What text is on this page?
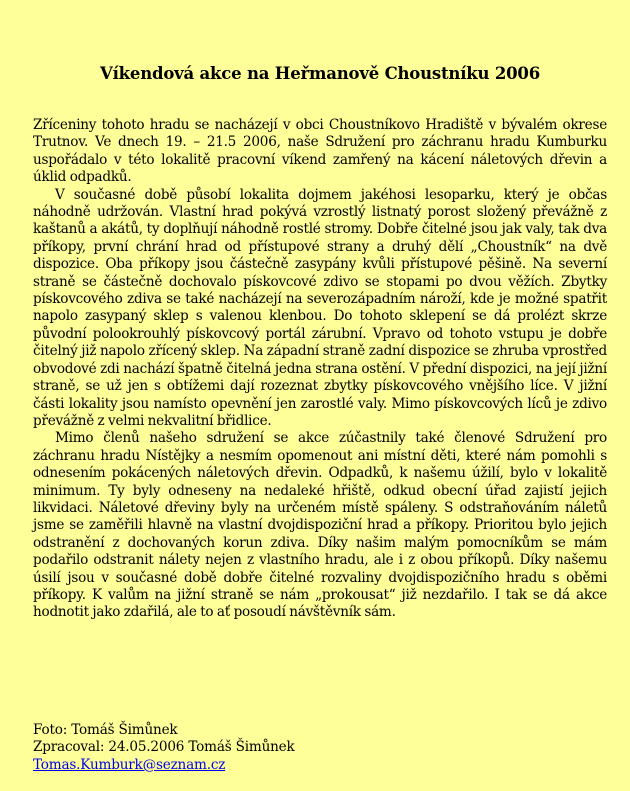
Víkendová akce na Heřmanově Choustníku 2006

Zříceniny tohoto hradu se nacházejí v obci Choustníkovo Hradiště v bývalém okrese Trutnov. Ve dnech 19. – 21.5 2006, naše Sdružení pro záchranu hradu Kumburku uspořádalo v této lokalitě pracovní víkend zamřený na kácení náletových dřevin a úklid odpadků.

V současné době působí lokalita dojmem jakéhosi lesoparku, který je občas náhodně udržován. Vlastní hrad pokývá vzrostlý listnatý porost složený převážně z kaštanů a akátů, ty doplňují náhodně rostlé stromy. Dobře čitelné jsou jak valy, tak dva příkopy, první chrání hrad od přístupové strany a druhý dělí „Choustník“ na dvě dispozice. Oba příkopy jsou částečně zasypány kvůli přístupové pěšině. Na severní straně se částečně dochovalo pískovcové zdivo se stopami po dvou věžích. Zbytky pískovcového zdiva se také nacházejí na severozápadním nároží, kde je možné spatřit napolo zasypaný sklep s valenou klenbou. Do tohoto sklepení se dá prolézt skrze původní polookrouhlý pískovcový portál zárubní. Vpravo od tohoto vstupu je dobře čitelný již napolo zřícený sklep. Na západní straně zadní dispozice se zhruba vprostřed obvodové zdi nachází špatně čitelná jedna strana ostění. V přední dispozici, na její jižní straně, se už jen s obtížemi dají rozeznat zbytky pískovcového vnějšího líce. V jižní části lokality jsou namísto opevnění jen zarostlé valy. Mimo pískovcových líců je zdivo převážně z velmi nekvalitní břidlice.

Mimo členů našeho sdružení se akce zúčastnily také členové Sdružení pro záchranu hradu Nístějky a nesmím opomenout ani místní děti, které nám pomohli s odnesením pokácených náletových dřevin. Odpadků, k našemu úžilí, bylo v lokalitě minimum. Ty byly odneseny na nedaleké hřiště, odkud obecní úřad zajistí jejich likvidaci. Náletové dřeviny byly na určeném místě spáleny. S odstraňováním náletů jsme se zaměřili hlavně na vlastní dvojdispoziční hrad a příkopy. Prioritou bylo jejich odstranění z dochovaných korun zdiva. Díky našim malým pomocníkům se mám podařilo odstranit nálety nejen z vlastního hradu, ale i z obou příkopů. Díky našemu úsilí jsou v současné době dobře čitelné rozvaliny dvojdispozičního hradu s oběmi příkopy. K valům na jižní straně se nám „prokousat“ již nezdařilo. I tak se dá akce hodnotit jako zdařilá, ale to ať posoudí návštěvník sám.

Foto: Tomáš Šimůnek
Zpracoval: 24.05.2006 Tomáš Šimůnek
Tomas.Kumburk@seznam.cz
